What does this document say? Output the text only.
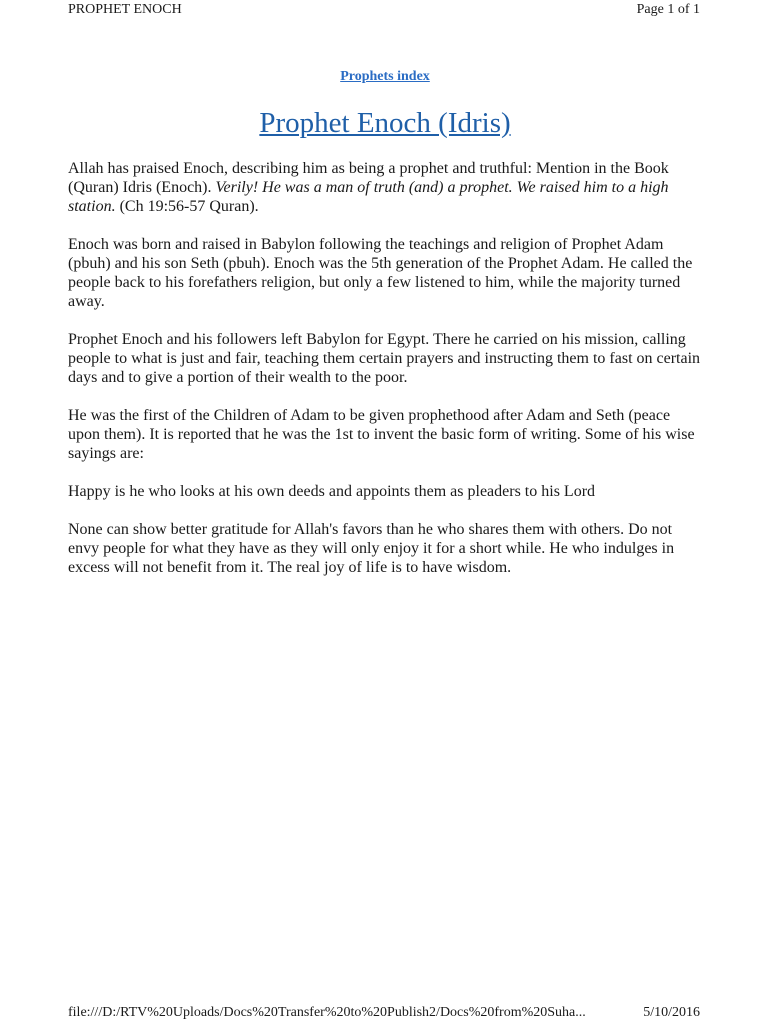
PROPHET ENOCH	Page 1 of 1
Prophets index
Prophet Enoch (Idris)

Allah has praised Enoch, describing him as being a prophet and truthful: Mention in the Book (Quran) Idris (Enoch). Verily! He was a man of truth (and) a prophet. We raised him to a high station. (Ch 19:56-57 Quran).

Enoch was born and raised in Babylon following the teachings and religion of Prophet Adam (pbuh) and his son Seth (pbuh). Enoch was the 5th generation of the Prophet Adam. He called the people back to his forefathers religion, but only a few listened to him, while the majority turned away.

Prophet Enoch and his followers left Babylon for Egypt. There he carried on his mission, calling people to what is just and fair, teaching them certain prayers and instructing them to fast on certain days and to give a portion of their wealth to the poor.

He was the first of the Children of Adam to be given prophethood after Adam and Seth (peace upon them). It is reported that he was the 1st to invent the basic form of writing. Some of his wise sayings are:

Happy is he who looks at his own deeds and appoints them as pleaders to his Lord

None can show better gratitude for Allah's favors than he who shares them with others. Do not envy people for what they have as they will only enjoy it for a short while. He who indulges in excess will not benefit from it. The real joy of life is to have wisdom.

file:///D:/RTV%20Uploads/Docs%20Transfer%20to%20Publish2/Docs%20from%20Suha...	5/10/2016
